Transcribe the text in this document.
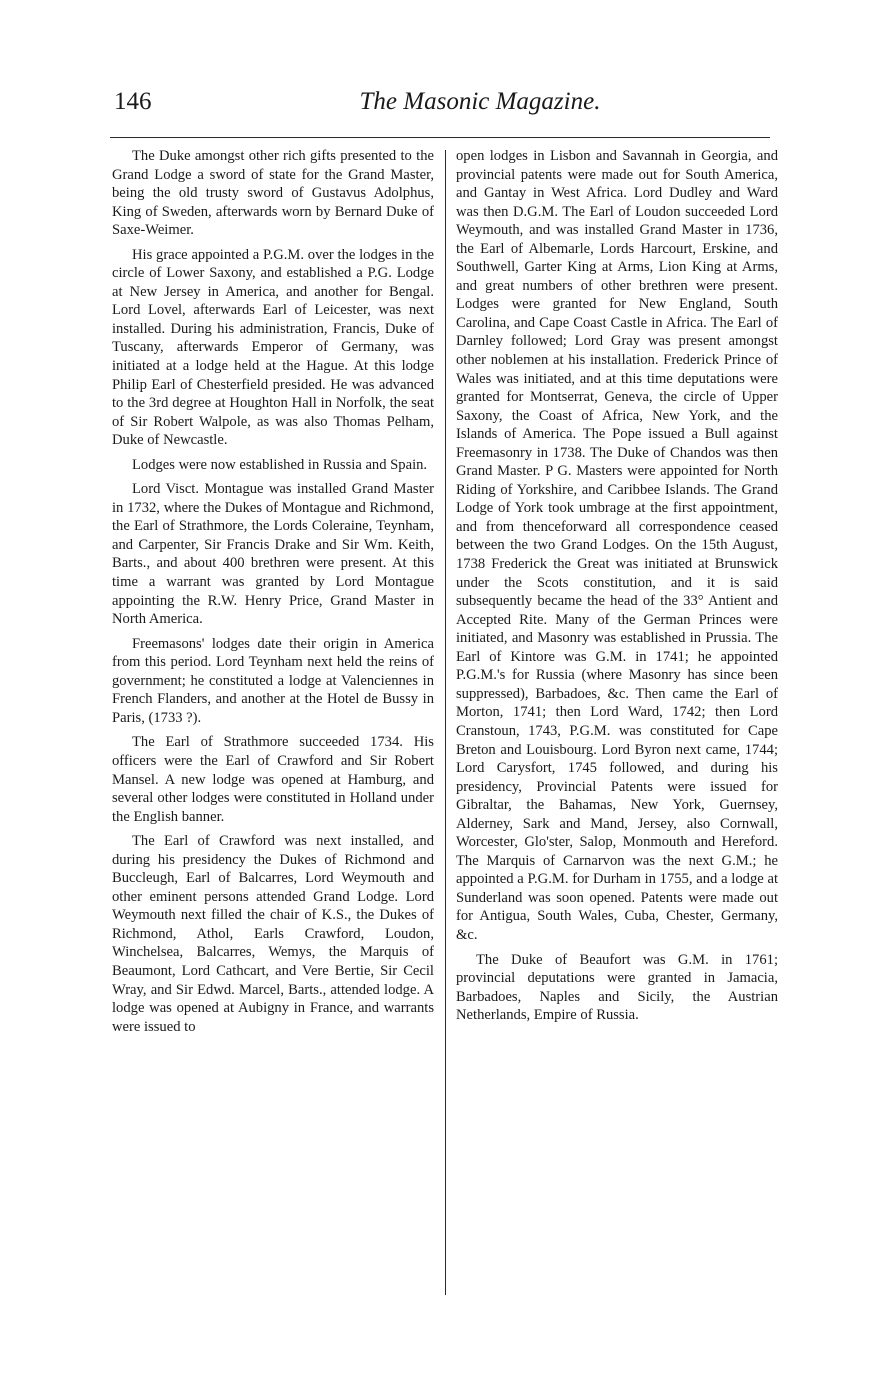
146	The Masonic Magazine.

The Duke amongst other rich gifts presented to the Grand Lodge a sword of state for the Grand Master, being the old trusty sword of Gustavus Adolphus, King of Sweden, afterwards worn by Bernard Duke of Saxe-Weimer.

His grace appointed a P.G.M. over the lodges in the circle of Lower Saxony, and established a P.G. Lodge at New Jersey in America, and another for Bengal. Lord Lovel, afterwards Earl of Leicester, was next installed. During his administration, Francis, Duke of Tuscany, afterwards Emperor of Germany, was initiated at a lodge held at the Hague. At this lodge Philip Earl of Chesterfield presided. He was advanced to the 3rd degree at Houghton Hall in Norfolk, the seat of Sir Robert Walpole, as was also Thomas Pelham, Duke of Newcastle.

Lodges were now established in Russia and Spain.

Lord Visct. Montague was installed Grand Master in 1732, where the Dukes of Montague and Richmond, the Earl of Strathmore, the Lords Coleraine, Teynham, and Carpenter, Sir Francis Drake and Sir Wm. Keith, Barts., and about 400 brethren were present. At this time a warrant was granted by Lord Montague appointing the R.W. Henry Price, Grand Master in North America.

Freemasons' lodges date their origin in America from this period. Lord Teynham next held the reins of government; he constituted a lodge at Valenciennes in French Flanders, and another at the Hotel de Bussy in Paris, (1733 ?).

The Earl of Strathmore succeeded 1734. His officers were the Earl of Crawford and Sir Robert Mansel. A new lodge was opened at Hamburg, and several other lodges were constituted in Holland under the English banner.

The Earl of Crawford was next installed, and during his presidency the Dukes of Richmond and Buccleugh, Earl of Balcarres, Lord Weymouth and other eminent persons attended Grand Lodge. Lord Weymouth next filled the chair of K.S., the Dukes of Richmond, Athol, Earls Crawford, Loudon, Winchelsea, Balcarres, Wemys, the Marquis of Beaumont, Lord Cathcart, and Vere Bertie, Sir Cecil Wray, and Sir Edwd. Marcel, Barts., attended lodge. A lodge was opened at Aubigny in France, and warrants were issued to

open lodges in Lisbon and Savannah in Georgia, and provincial patents were made out for South America, and Gantay in West Africa. Lord Dudley and Ward was then D.G.M. The Earl of Loudon succeeded Lord Weymouth, and was installed Grand Master in 1736, the Earl of Albemarle, Lords Harcourt, Erskine, and Southwell, Garter King at Arms, Lion King at Arms, and great numbers of other brethren were present. Lodges were granted for New England, South Carolina, and Cape Coast Castle in Africa. The Earl of Darnley followed; Lord Gray was present amongst other noblemen at his installation. Frederick Prince of Wales was initiated, and at this time deputations were granted for Montserrat, Geneva, the circle of Upper Saxony, the Coast of Africa, New York, and the Islands of America. The Pope issued a Bull against Freemasonry in 1738. The Duke of Chandos was then Grand Master. P G. Masters were appointed for North Riding of Yorkshire, and Caribbee Islands. The Grand Lodge of York took umbrage at the first appointment, and from thenceforward all correspondence ceased between the two Grand Lodges. On the 15th August, 1738 Frederick the Great was initiated at Brunswick under the Scots constitution, and it is said subsequently became the head of the 33° Antient and Accepted Rite. Many of the German Princes were initiated, and Masonry was established in Prussia. The Earl of Kintore was G.M. in 1741; he appointed P.G.M.'s for Russia (where Masonry has since been suppressed), Barbadoes, &c. Then came the Earl of Morton, 1741; then Lord Ward, 1742; then Lord Cranstoun, 1743, P.G.M. was constituted for Cape Breton and Louisbourg. Lord Byron next came, 1744; Lord Carysfort, 1745 followed, and during his presidency, Provincial Patents were issued for Gibraltar, the Bahamas, New York, Guernsey, Alderney, Sark and Mand, Jersey, also Cornwall, Worcester, Glo'ster, Salop, Monmouth and Hereford. The Marquis of Carnarvon was the next G.M.; he appointed a P.G.M. for Durham in 1755, and a lodge at Sunderland was soon opened. Patents were made out for Antigua, South Wales, Cuba, Chester, Germany, &c.

The Duke of Beaufort was G.M. in 1761; provincial deputations were granted in Jamacia, Barbadoes, Naples and Sicily, the Austrian Netherlands, Empire of Russia.
